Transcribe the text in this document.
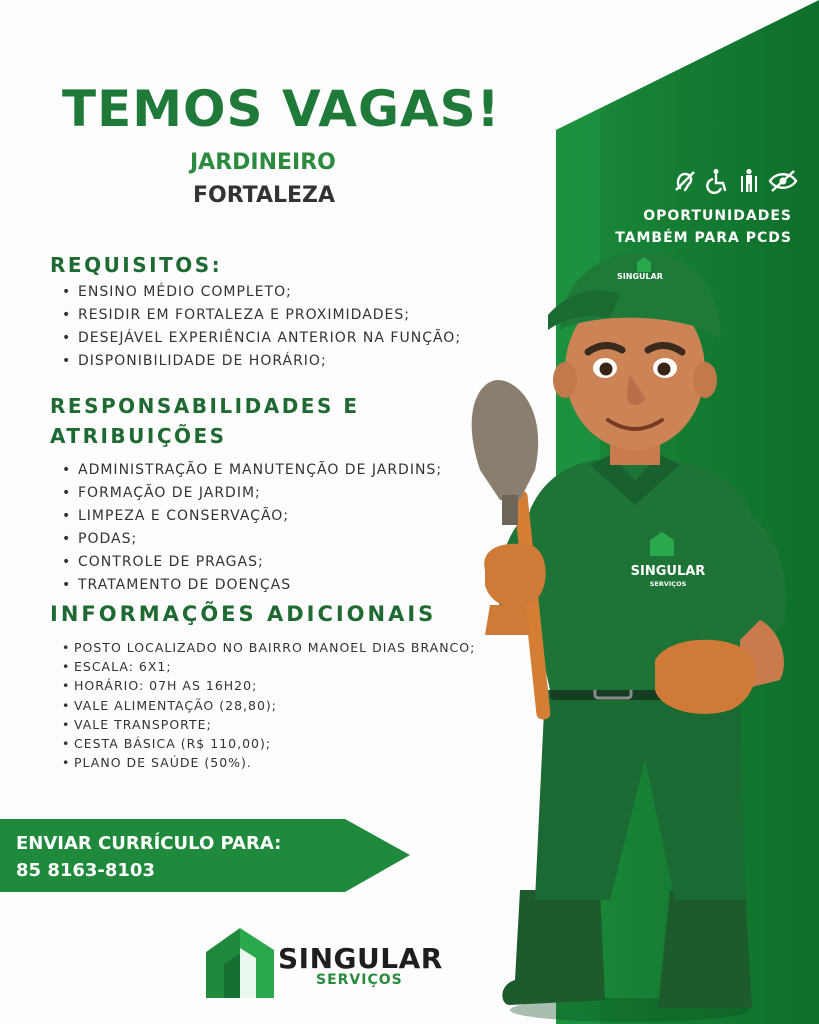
TEMOS VAGAS!
JARDINEIRO
FORTALEZA
OPORTUNIDADES
TAMBÉM PARA PCDS
REQUISITOS:
• ENSINO MÉDIO COMPLETO;
• RESIDIR EM FORTALEZA E PROXIMIDADES;
• DESEJÁVEL EXPERIÊNCIA ANTERIOR NA FUNÇÃO;
• DISPONIBILIDADE DE HORÁRIO;
RESPONSABILIDADES E
ATRIBUIÇÕES
• ADMINISTRAÇÃO E MANUTENÇÃO DE JARDINS;
• FORMAÇÃO DE JARDIM;
• LIMPEZA E CONSERVAÇÃO;
• PODAS;
• CONTROLE DE PRAGAS;
• TRATAMENTO DE DOENÇAS
INFORMAÇÕES ADICIONAIS
• POSTO LOCALIZADO NO BAIRRO MANOEL DIAS BRANCO;
• ESCALA: 6X1;
• HORÁRIO: 07H AS 16H20;
• VALE ALIMENTAÇÃO (28,80);
• VALE TRANSPORTE;
• CESTA BÁSICA (R$ 110,00);
• PLANO DE SAÚDE (50%).
ENVIAR CURRÍCULO PARA:
85 8163-8103
SINGULAR
SERVIÇOS
SINGULAR
SERVIÇOS
SINGULAR
